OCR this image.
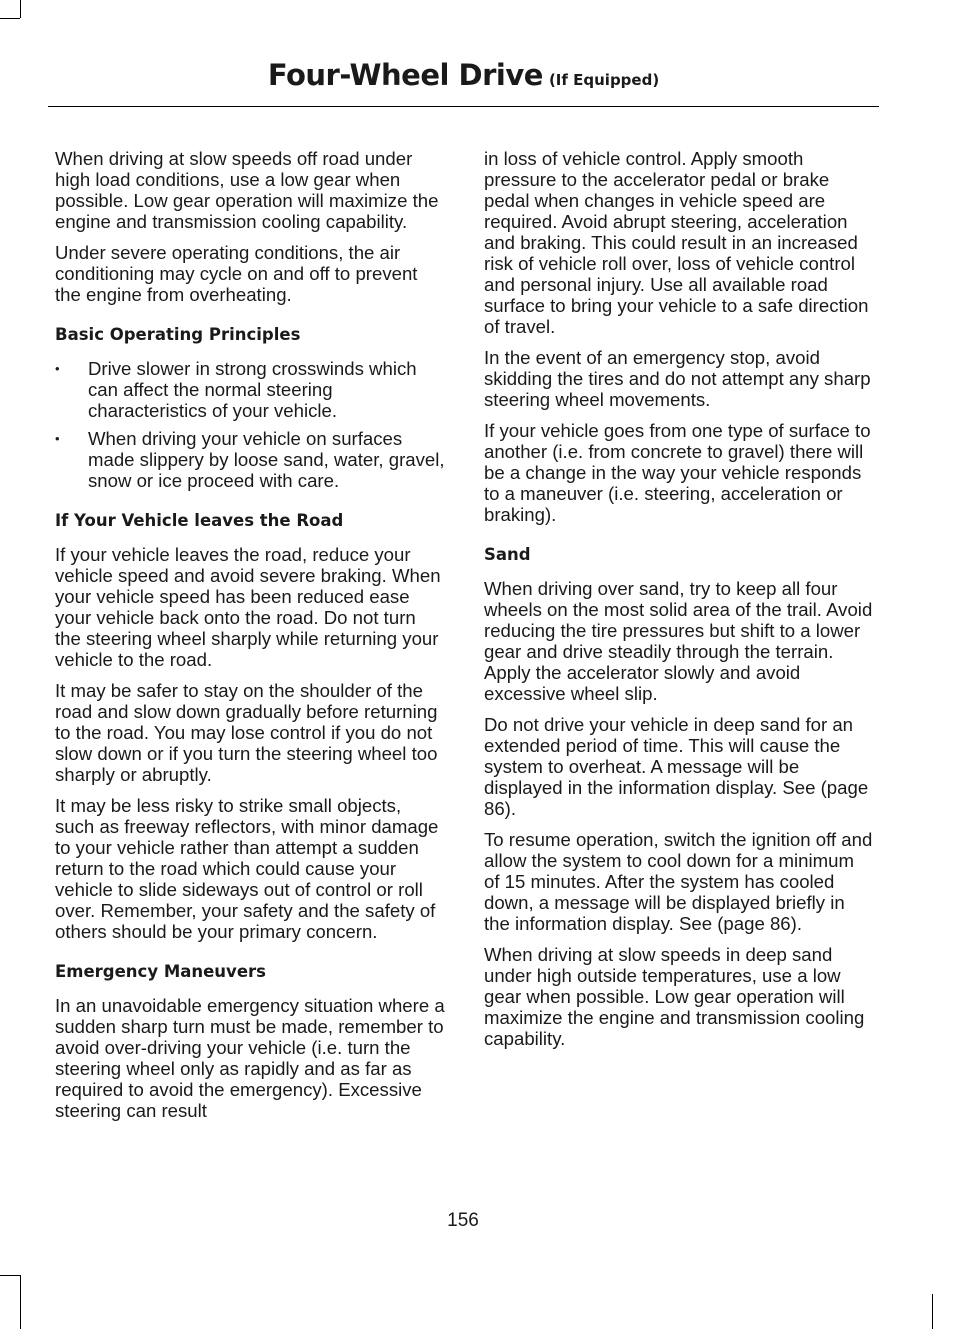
Four-Wheel Drive (If Equipped)

When driving at slow speeds off road under high load conditions, use a low gear when possible. Low gear operation will maximize the engine and transmission cooling capability.

Under severe operating conditions, the air conditioning may cycle on and off to prevent the engine from overheating.

Basic Operating Principles
• Drive slower in strong crosswinds which can affect the normal steering characteristics of your vehicle.
• When driving your vehicle on surfaces made slippery by loose sand, water, gravel, snow or ice proceed with care.
If Your Vehicle leaves the Road

If your vehicle leaves the road, reduce your vehicle speed and avoid severe braking. When your vehicle speed has been reduced ease your vehicle back onto the road. Do not turn the steering wheel sharply while returning your vehicle to the road.

It may be safer to stay on the shoulder of the road and slow down gradually before returning to the road. You may lose control if you do not slow down or if you turn the steering wheel too sharply or abruptly.

It may be less risky to strike small objects, such as freeway reflectors, with minor damage to your vehicle rather than attempt a sudden return to the road which could cause your vehicle to slide sideways out of control or roll over. Remember, your safety and the safety of others should be your primary concern.

Emergency Maneuvers

In an unavoidable emergency situation where a sudden sharp turn must be made, remember to avoid over-driving your vehicle (i.e. turn the steering wheel only as rapidly and as far as required to avoid the emergency). Excessive steering can result

in loss of vehicle control. Apply smooth pressure to the accelerator pedal or brake pedal when changes in vehicle speed are required. Avoid abrupt steering, acceleration and braking. This could result in an increased risk of vehicle roll over, loss of vehicle control and personal injury. Use all available road surface to bring your vehicle to a safe direction of travel.

In the event of an emergency stop, avoid skidding the tires and do not attempt any sharp steering wheel movements.

If your vehicle goes from one type of surface to another (i.e. from concrete to gravel) there will be a change in the way your vehicle responds to a maneuver (i.e. steering, acceleration or braking).

Sand

When driving over sand, try to keep all four wheels on the most solid area of the trail. Avoid reducing the tire pressures but shift to a lower gear and drive steadily through the terrain. Apply the accelerator slowly and avoid excessive wheel slip.

Do not drive your vehicle in deep sand for an extended period of time. This will cause the system to overheat. A message will be displayed in the information display. See (page 86).

To resume operation, switch the ignition off and allow the system to cool down for a minimum of 15 minutes. After the system has cooled down, a message will be displayed briefly in the information display. See (page 86).

When driving at slow speeds in deep sand under high outside temperatures, use a low gear when possible. Low gear operation will maximize the engine and transmission cooling capability.

156
